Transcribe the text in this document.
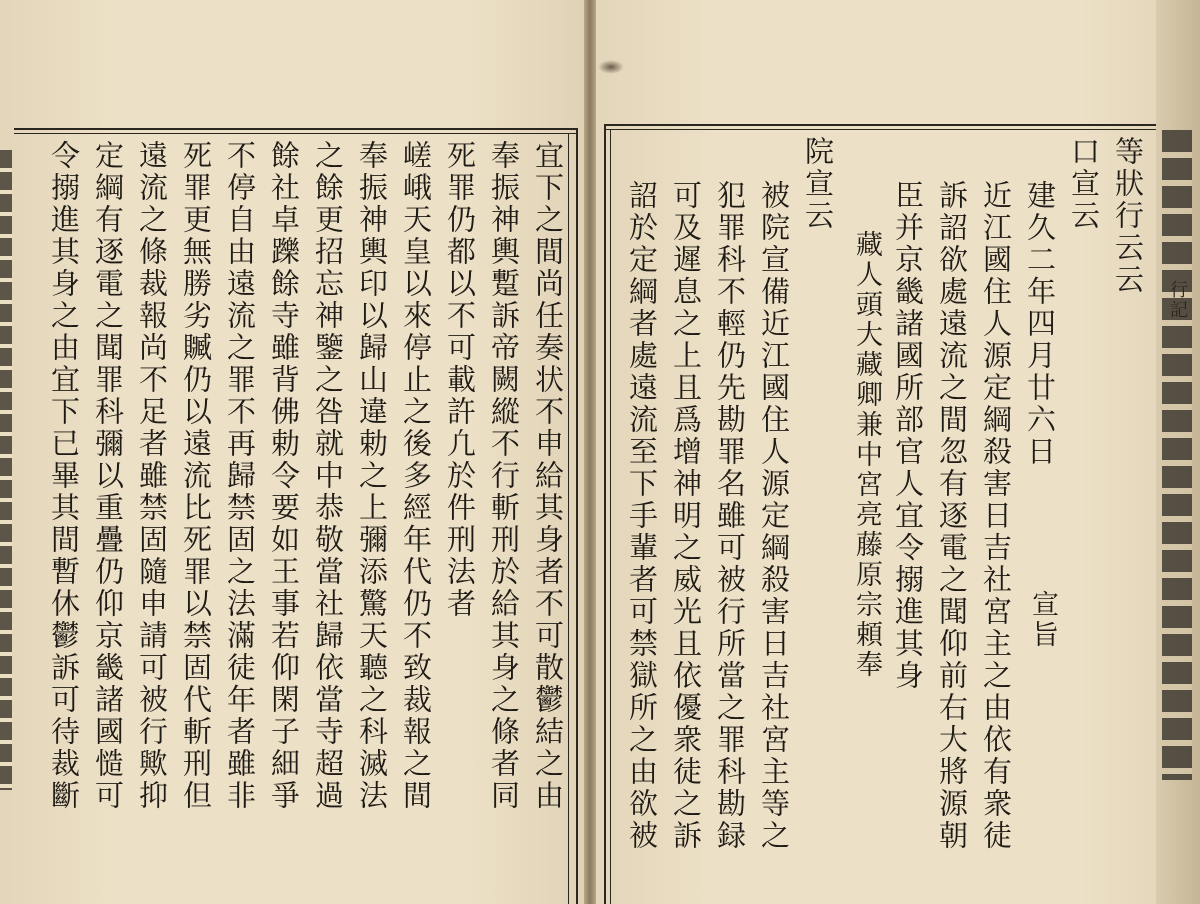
宜下之間尚任奏状不申給其身者不可散鬱結之由
奉振神輿蹔訴帝闕縱不行斬刑於給其身之條者同
死罪仍都以不可載許凢於件刑法者
嵯峨天皇以來停止之後多經年代仍不致裁報之間
奉振神輿印以歸山違勅之上彌添驚天聽之科滅法
之餘更招忘神鑒之咎就中恭敬當社歸依當寺超過
餘社卓躒餘寺雖背佛勅令要如王事若仰閑子細爭
不停自由遠流之罪不再歸禁固之法滿徒年者雖非
死罪更無勝劣贓仍以遠流比死罪以禁固代斬刑但
遠流之條裁報尚不足者雖禁固隨申請可被行歟抑
定綱有逐電之聞罪科彌以重疊仍仰京畿諸國慥可
令搦進其身之由宜下已畢其間暫休鬱訴可待裁斷	等狀行云云
口宣云
建久二年四月廿六日
近江國住人源定綱殺害日吉社宮主之由依有衆徒
訴詔欲處遠流之間忽有逐電之聞仰前右大將源朝
臣并京畿諸國所部官人宜令搦進其身
藏人頭大藏卿兼中宮亮藤原宗頼奉
院宣云
被院宣備近江國住人源定綱殺害日吉社宮主等之
犯罪科不輕仍先勘罪名雖可被行所當之罪科勘録
可及遲息之上且爲增神明之威光且依優衆徒之訴
詔於定綱者處遠流至下手輩者可禁獄所之由欲被	宣旨
行記
